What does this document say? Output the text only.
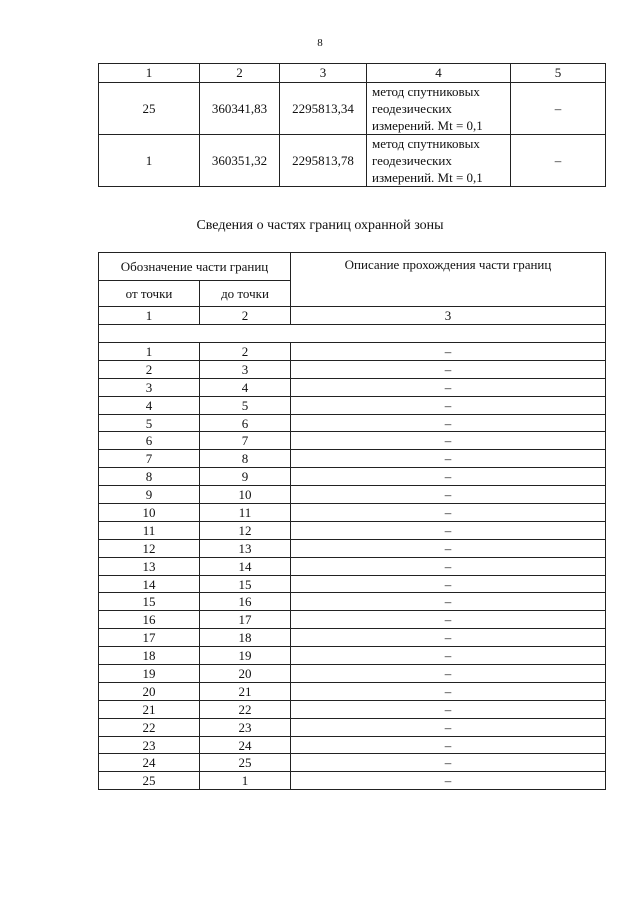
8
1	2	3	4	5
25	360341,83	2295813,34	метод спутниковых
геодезических
измерений. Mt = 0,1	–
1	360351,32	2295813,78	метод спутниковых
геодезических
измерений. Mt = 0,1	–
Сведения о частях границ охранной зоны
Обозначение части границ		Описание прохождения части границ
от точки	до точки	
1	2	3

1	2	–
2	3	–
3	4	–
4	5	–
5	6	–
6	7	–
7	8	–
8	9	–
9	10	–
10	11	–
11	12	–
12	13	–
13	14	–
14	15	–
15	16	–
16	17	–
17	18	–
18	19	–
19	20	–
20	21	–
21	22	–
22	23	–
23	24	–
24	25	–
25	1	–
